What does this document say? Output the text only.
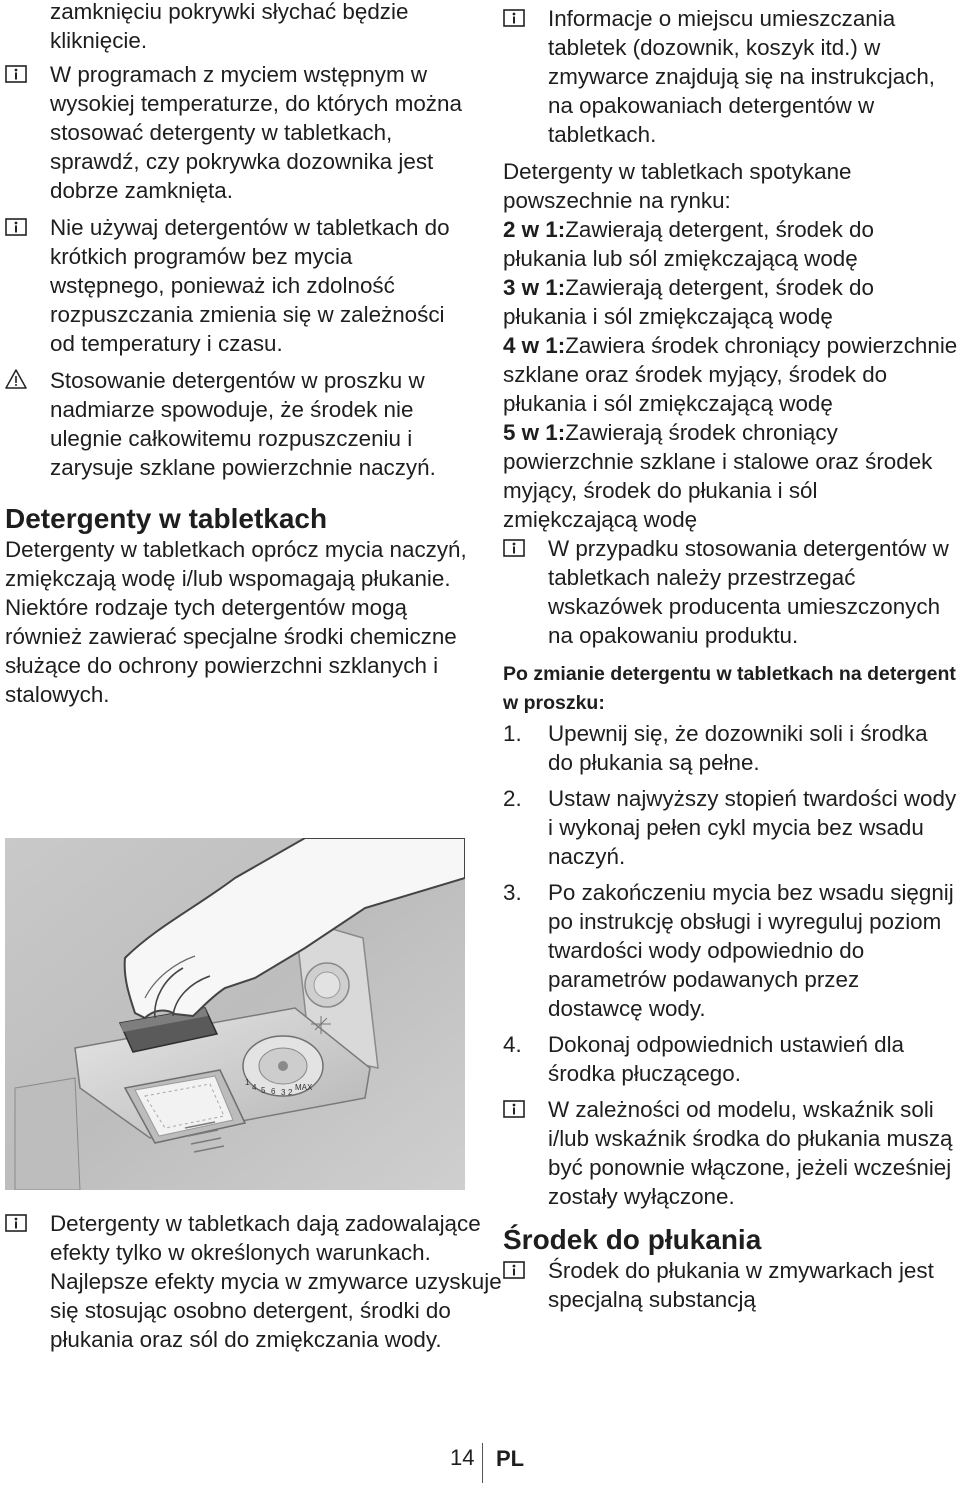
zamknięciu pokrywki słychać będzie kliknięcie.

W programach z myciem wstępnym w wysokiej temperaturze, do których można stosować detergenty w tabletkach, sprawdź, czy pokrywka dozownika jest dobrze zamknięta.

Nie używaj detergentów w tabletkach do krótkich programów bez mycia wstępnego, ponieważ ich zdolność rozpuszczania zmienia się w zależności od temperatury i czasu.

Stosowanie detergentów w proszku w nadmiarze spowoduje, że środek nie ulegnie całkowitemu rozpuszczeniu i zarysuje szklane powierzchnie naczyń.

Detergenty w tabletkach

Detergenty w tabletkach oprócz mycia naczyń, zmiękczają wodę i/lub wspomagają płukanie. Niektóre rodzaje tych detergentów mogą również zawierać specjalne środki chemiczne służące do ochrony powierzchni szklanych i stalowych.

Detergenty w tabletkach dają zadowalające efekty tylko w określonych warunkach. Najlepsze efekty mycia w zmywarce uzyskuje się stosując osobno detergent, środki do płukania oraz sól do zmiękczania wody.

MAX
6
5
4
3 2
1

Informacje o miejscu umieszczania tabletek (dozownik, koszyk itd.) w zmywarce znajdują się na instrukcjach, na opakowaniach detergentów w tabletkach.

Detergenty w tabletkach spotykane powszechnie na rynku:

2 w 1:Zawierają detergent, środek do płukania lub sól zmiękczającą wodę

3 w 1:Zawierają detergent, środek do płukania i sól zmiękczającą wodę

4 w 1:Zawiera środek chroniący powierzchnie szklane oraz środek myjący, środek do płukania i sól zmiękczającą wodę

5 w 1:Zawierają środek chroniący powierzchnie szklane i stalowe oraz środek myjący, środek do płukania i sól zmiękczającą wodę

W przypadku stosowania detergentów w tabletkach należy przestrzegać wskazówek producenta umieszczonych na opakowaniu produktu.

Po zmianie detergentu w tabletkach na detergent w proszku:

1. Upewnij się, że dozowniki soli i środka do płukania są pełne.
2. Ustaw najwyższy stopień twardości wody i wykonaj pełen cykl mycia bez wsadu naczyń.
3. Po zakończeniu mycia bez wsadu sięgnij po instrukcję obsługi i wyreguluj poziom twardości wody odpowiednio do parametrów podawanych przez dostawcę wody.
4. Dokonaj odpowiednich ustawień dla środka płuczącego.

W zależności od modelu, wskaźnik soli i/lub wskaźnik środka do płukania muszą być ponownie włączone, jeżeli wcześniej zostały wyłączone.

Środek do płukania

Środek do płukania w zmywarkach jest specjalną substancją

14 PL
